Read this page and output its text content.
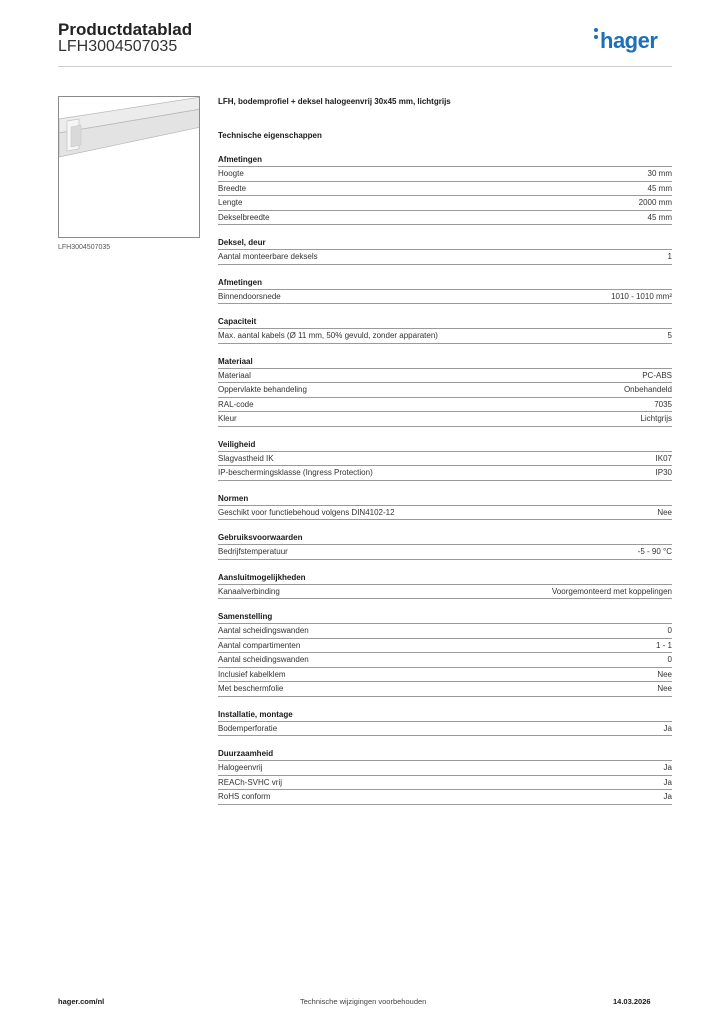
Productdatablad
LFH3004507035	hager
LFH3004507035
LFH, bodemprofiel + deksel halogeenvrij 30x45 mm, lichtgrijs
Technische eigenschappen
Afmetingen
Hoogte	30 mm
Breedte	45 mm
Lengte	2000 mm
Dekselbreedte	45 mm
Deksel, deur
Aantal monteerbare deksels	1
Afmetingen
Binnendoorsnede	1010 - 1010 mm²
Capaciteit
Max. aantal kabels (Ø 11 mm, 50% gevuld, zonder apparaten)	5
Materiaal
Materiaal	PC-ABS
Oppervlakte behandeling	Onbehandeld
RAL-code	7035
Kleur	Lichtgrijs
Veiligheid
Slagvastheid IK	IK07
IP-beschermingsklasse (Ingress Protection)	IP30
Normen
Geschikt voor functiebehoud volgens DIN4102-12	Nee
Gebruiksvoorwaarden
Bedrijfstemperatuur	-5 - 90 °C
Aansluitmogelijkheden
Kanaalverbinding	Voorgemonteerd met koppelingen
Samenstelling
Aantal scheidingswanden	0
Aantal compartimenten	1 - 1
Aantal scheidingswanden	0
Inclusief kabelklem	Nee
Met beschermfolie	Nee
Installatie, montage
Bodemperforatie	Ja
Duurzaamheid
Halogeenvrij	Ja
REACh-SVHC vrij	Ja
RoHS conform	Ja
hager.com/nl	Technische wijzigingen voorbehouden	14.03.2026
